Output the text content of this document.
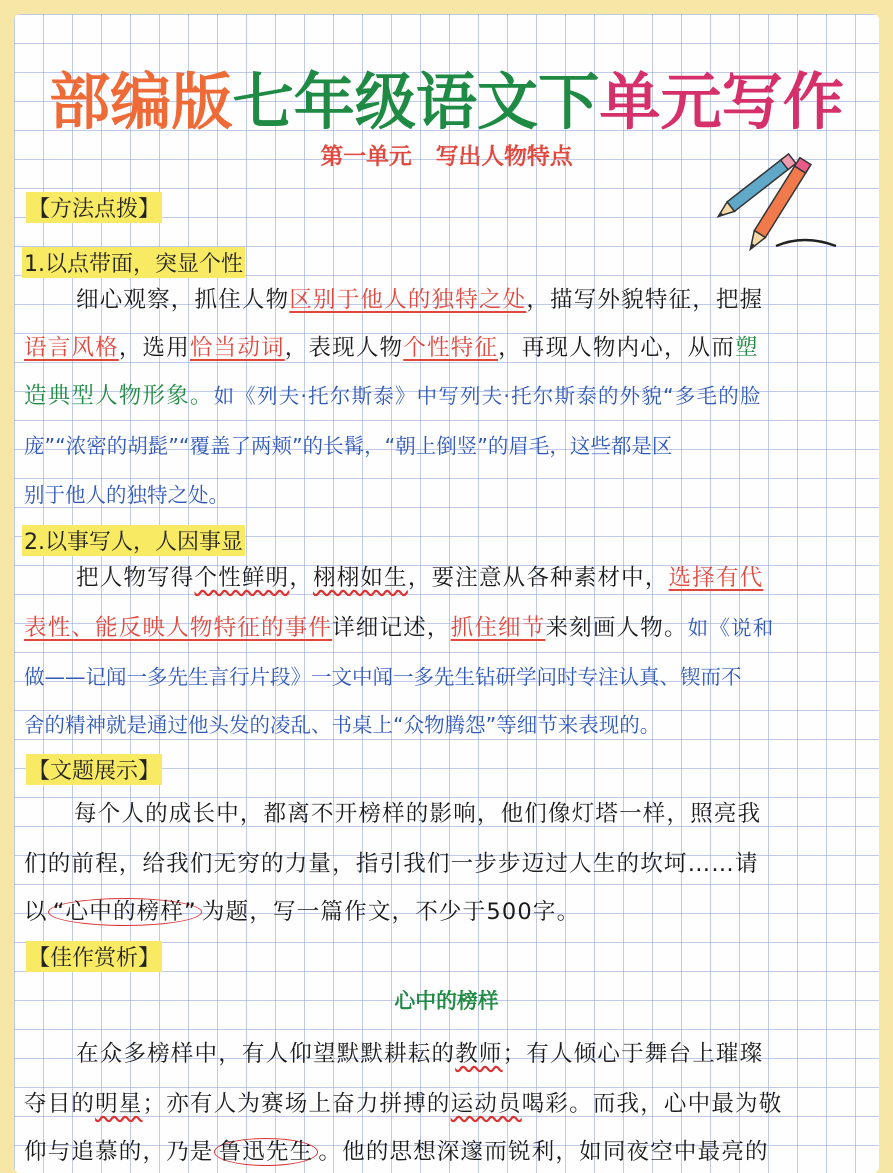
部编版七年级语文下单元写作
第一单元   写出人物特点
【方法点拨】
1.以点带面，突显个性
细心观察，抓住人物区别于他人的独特之处，描写外貌特征，把握
语言风格，选用恰当动词，表现人物个性特征，再现人物内心，从而塑
造典型人物形象。如《列夫·托尔斯泰》中写列夫·托尔斯泰的外貌“多毛的脸
庞”“浓密的胡髭”“覆盖了两颊”的长髯，“朝上倒竖”的眉毛，这些都是区
别于他人的独特之处。
2.以事写人，人因事显
把人物写得个性鲜明，栩栩如生，要注意从各种素材中，选择有代
表性、能反映人物特征的事件详细记述，抓住细节来刻画人物。如《说和
做——记闻一多先生言行片段》一文中闻一多先生钻研学问时专注认真、锲而不
舍的精神就是通过他头发的凌乱、书桌上“众物腾怨”等细节来表现的。
【文题展示】
每个人的成长中，都离不开榜样的影响，他们像灯塔一样，照亮我
们的前程，给我们无穷的力量，指引我们一步步迈过人生的坎坷……请
以 “心中的榜样” 为题，写一篇作文，不少于500字。
【佳作赏析】
心中的榜样
在众多榜样中，有人仰望默默耕耘的教师；有人倾心于舞台上璀璨
夺目的明星；亦有人为赛场上奋力拼搏的运动员喝彩。而我，心中最为敬
仰与追慕的，乃是 鲁迅先生 。他的思想深邃而锐利，如同夜空中最亮的
